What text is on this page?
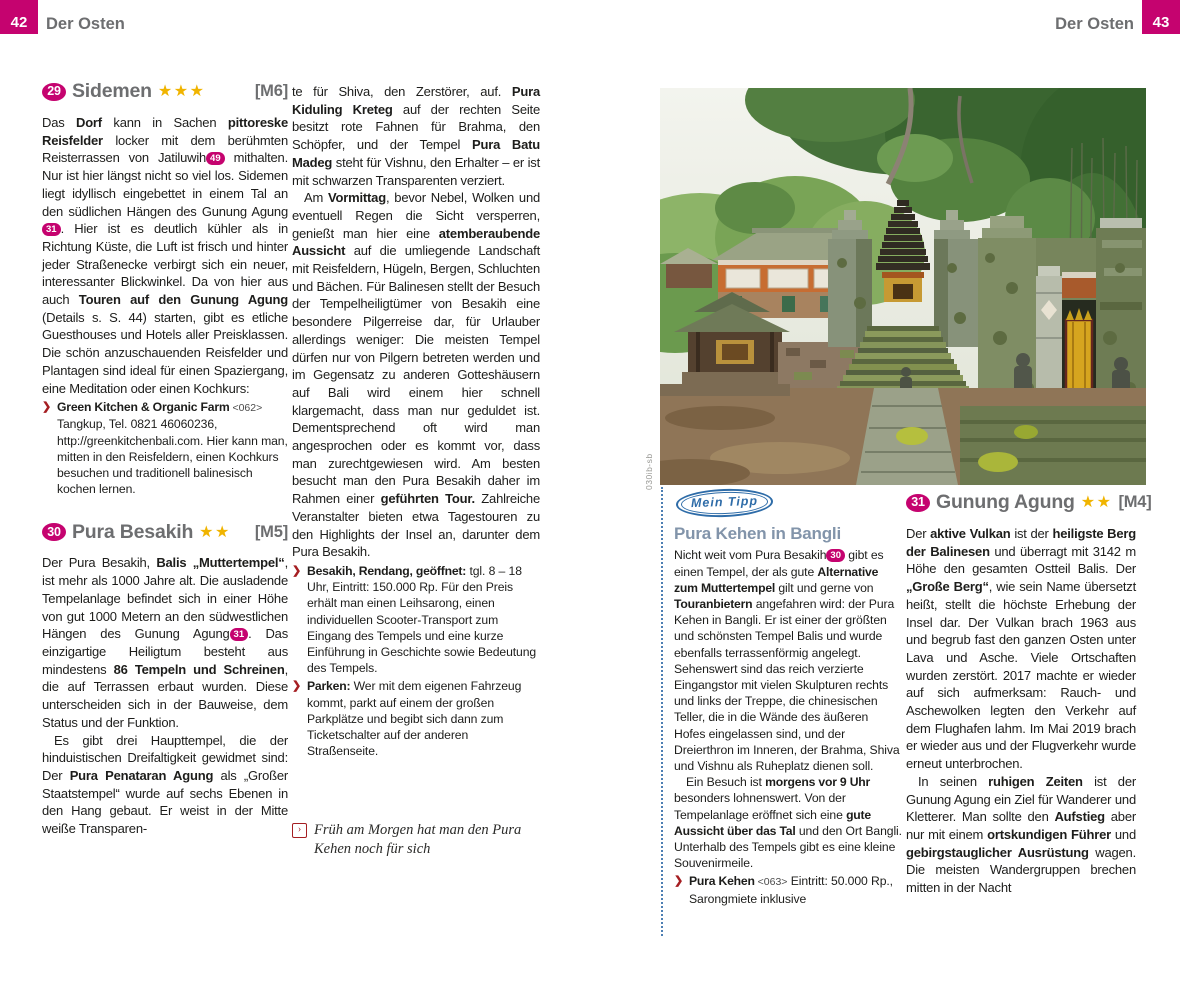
42	Der Osten	Der Osten	43
29 Sidemen ★★★	[M6]

Das Dorf kann in Sachen pittoreske Reisfelder locker mit dem berühmten Reisterrassen von Jatiluwih 49 mithalten. Nur ist hier längst nicht so viel los. Sidemen liegt idyllisch eingebettet in einem Tal an den südlichen Hängen des Gunung Agung31 . Hier ist es deutlich kühler als in Richtung Küste, die Luft ist frisch und hinter jeder Straßenecke verbirgt sich ein neuer, interessanter Blickwinkel. Da von hier aus auch Touren auf den Gunung Agung (Details s. S. 44) starten, gibt es etliche Guesthouses und Hotels aller Preisklassen. Die schön anzuschauenden Reisfelder und Plantagen sind ideal für einen Spaziergang, eine Meditation oder einen Kochkurs:

❯ Green Kitchen & Organic Farm <062> Tangkup, Tel. 0821 46060236, http://greenkitchenbali.com. Hier kann man, mitten in den Reisfeldern, einen Kochkurs besuchen und traditionell balinesisch kochen lernen.
30 Pura Besakih ★★ [M5]

Der Pura Besakih, Balis „Muttertempel“, ist mehr als 1000 Jahre alt. Die ausladende Tempelanlage befindet sich in einer Höhe von gut 1000 Metern an den südwestlichen Hängen des Gunung Agung 31 . Das einzigartige Heiligtum besteht aus mindestens 86 Tempeln und Schreinen, die auf Terrassen erbaut wurden. Diese unterscheiden sich in der Bauweise, dem Status und der Funktion.

Es gibt drei Haupttempel, die der hinduistischen Dreifaltigkeit gewidmet sind: Der Pura Penataran Agung als „Großer Staatstempel“ wurde auf sechs Ebenen in den Hang gebaut. Er weist in der Mitte weiße Transparen-

te für Shiva, den Zerstörer, auf. Pura Kiduling Kreteg auf der rechten Seite besitzt rote Fahnen für Brahma, den Schöpfer, und der Tempel Pura Batu Madeg steht für Vishnu, den Erhalter – er ist mit schwarzen Transparenten verziert.

Am Vormittag, bevor Nebel, Wolken und eventuell Regen die Sicht versperren, genießt man hier eine atemberaubende Aussicht auf die umliegende Landschaft mit Reisfeldern, Hügeln, Bergen, Schluchten und Bächen. Für Balinesen stellt der Besuch der Tempelheiligtümer von Besakih eine besondere Pilgerreise dar, für Urlauber allerdings weniger: Die meisten Tempel dürfen nur von Pilgern betreten werden und im Gegensatz zu anderen Gotteshäusern auf Bali wird einem hier schnell klargemacht, dass man nur geduldet ist. Dementsprechend oft wird man angesprochen oder es kommt vor, dass man zurechtgewiesen wird. Am besten besucht man den Pura Besakih daher im Rahmen einer geführten Tour. Zahlreiche Veranstalter bieten etwa Tagestouren zu den Highlights der Insel an, darunter dem Pura Besakih.

❯ Besakih, Rendang, geöffnet: tgl. 8 – 18 Uhr, Eintritt: 150.000 Rp. Für den Preis erhält man einen Leihsarong, einen individuellen Scooter-Transport zum Eingang des Tempels und eine kurze Einführung in Geschichte sowie Bedeutung des Tempels.
❯ Parken: Wer mit dem eigenen Fahrzeug kommt, parkt auf einem der großen Parkplätze und begibt sich dann zum Ticketschalter auf der anderen Straßenseite.
› Früh am Morgen hat man den Pura Kehen noch für sich
030ib-sb
Mein Tipp
Pura Kehen in Bangli

Nicht weit vom Pura Besakih 30 gibt es einen Tempel, der als gute Alternative zum Muttertempel gilt und gerne von Touranbietern angefahren wird: der Pura Kehen in Bangli. Er ist einer der größten und schönsten Tempel Balis und wurde ebenfalls terrassenförmig angelegt. Sehenswert sind das reich verzierte Eingangstor mit vielen Skulpturen rechts und links der Treppe, die chinesischen Teller, die in die Wände des äußeren Hofes eingelassen sind, und der Dreierthron im Inneren, der Brahma, Shiva und Vishnu als Ruheplatz dienen soll.

Ein Besuch ist morgens vor 9 Uhr besonders lohnenswert. Von der Tempelanlage eröffnet sich eine gute Aussicht über das Tal und den Ort Bangli. Unterhalb des Tempels gibt es eine kleine Souvenirmeile.

❯ Pura Kehen <063> Eintritt: 50.000 Rp., Sarongmiete inklusive
31 Gunung Agung ★★ [M4]

Der aktive Vulkan ist der heiligste Berg der Balinesen und überragt mit 3142 m Höhe den gesamten Ostteil Balis. Der „Große Berg“, wie sein Name übersetzt heißt, stellt die höchste Erhebung der Insel dar. Der Vulkan brach 1963 aus und begrub fast den ganzen Osten unter Lava und Asche. Viele Ortschaften wurden zerstört. 2017 machte er wieder auf sich aufmerksam: Rauch- und Aschewolken legten den Verkehr auf dem Flughafen lahm. Im Mai 2019 brach er wieder aus und der Flugverkehr wurde erneut unterbrochen.

In seinen ruhigen Zeiten ist der Gunung Agung ein Ziel für Wanderer und Kletterer. Man sollte den Aufstieg aber nur mit einem ortskundigen Führer und gebirgstauglicher Ausrüstung wagen. Die meisten Wandergruppen brechen mitten in der Nacht
